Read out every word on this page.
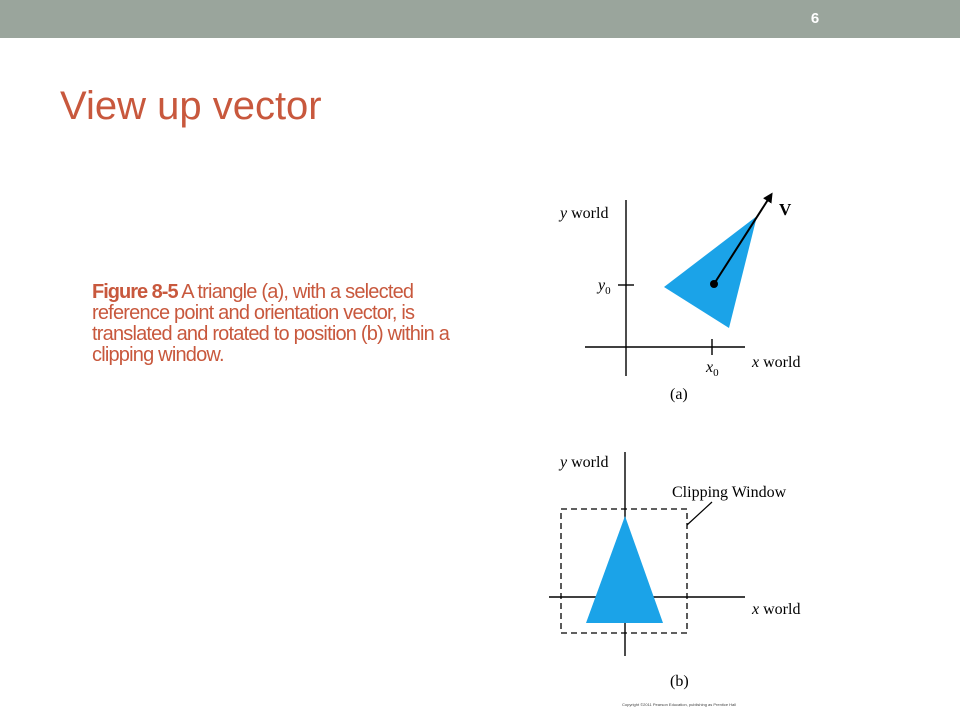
6
View up vector
Figure 8-5 A triangle (a), with a selected reference point and orientation vector, is translated and rotated to position (b) within a clipping window.
y world
$y_0$
$x_0$
x world
V
(a)
y world
Clipping Window
x world
(b)
Copyright ©2011 Pearson Education, publishing as Prentice Hall
